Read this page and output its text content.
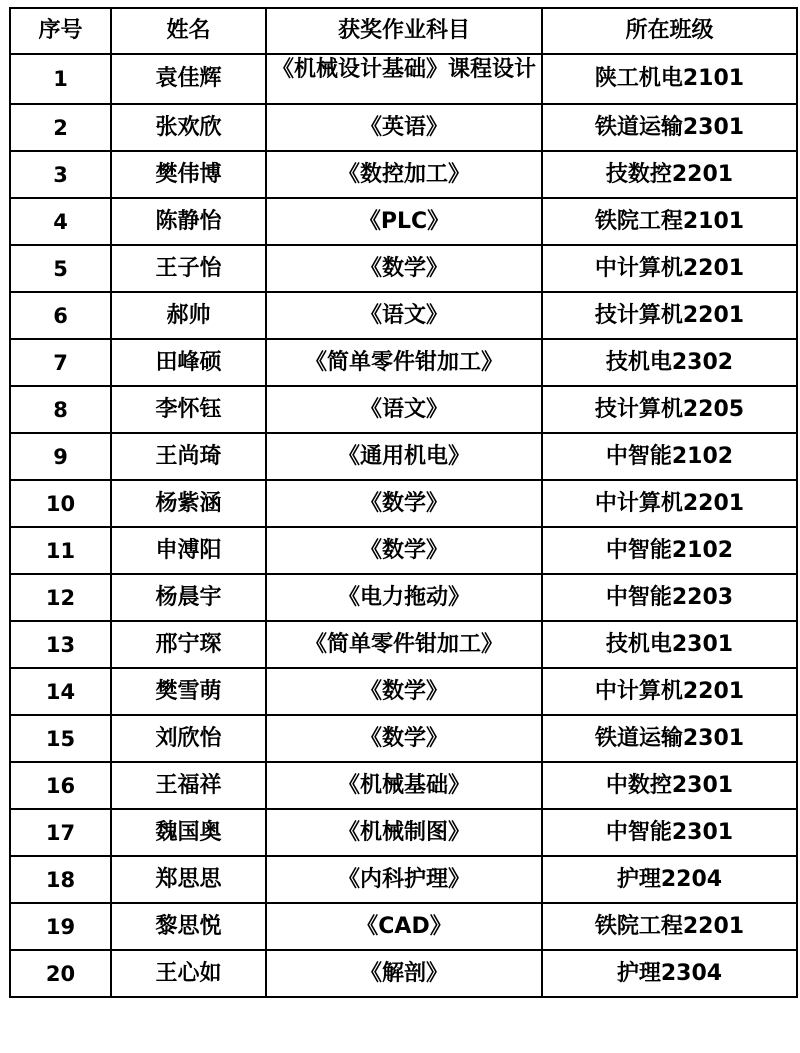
序号	姓名	获奖作业科目	所在班级
1	袁佳辉	《机械设计基础》课程设计	陕工机电2101
2	张欢欣	《英语》	铁道运输2301
3	樊伟博	《数控加工》	技数控2201
4	陈静怡	《PLC》	铁院工程2101
5	王子怡	《数学》	中计算机2201
6	郝帅	《语文》	技计算机2201
7	田峰硕	《简单零件钳加工》	技机电2302
8	李怀钰	《语文》	技计算机2205
9	王尚琦	《通用机电》	中智能2102
10	杨紫涵	《数学》	中计算机2201
11	申溥阳	《数学》	中智能2102
12	杨晨宇	《电力拖动》	中智能2203
13	邢宁琛	《简单零件钳加工》	技机电2301
14	樊雪萌	《数学》	中计算机2201
15	刘欣怡	《数学》	铁道运输2301
16	王福祥	《机械基础》	中数控2301
17	魏国奥	《机械制图》	中智能2301
18	郑思思	《内科护理》	护理2204
19	黎思悦	《CAD》	铁院工程2201
20	王心如	《解剖》	护理2304
